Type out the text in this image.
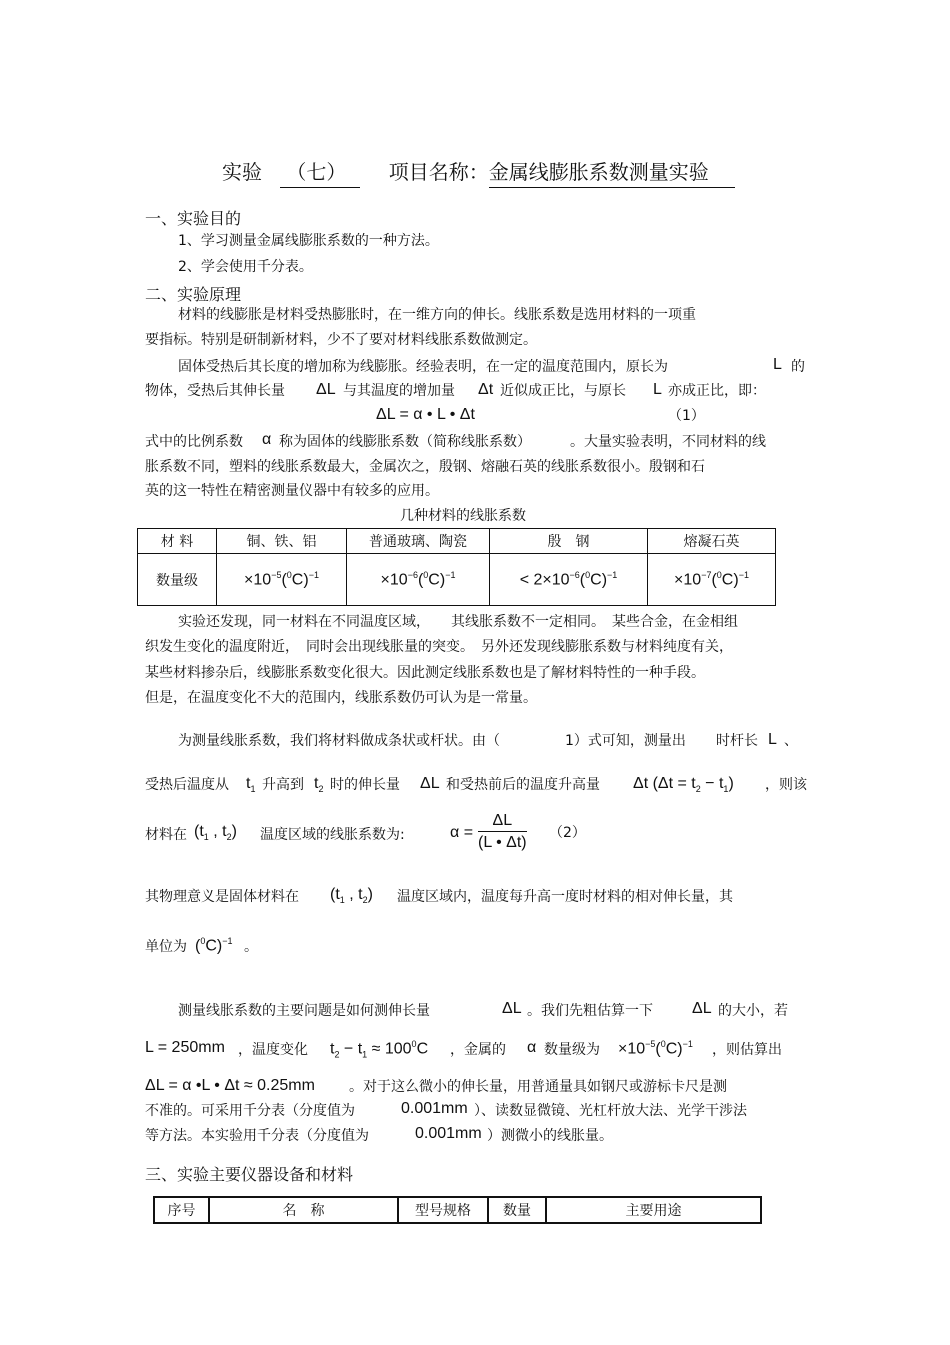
实验 （七） 项目名称：金属线膨胀系数测量实验
一、实验目的
1、学习测量金属线膨胀系数的一种方法。
2、学会使用千分表。
二、实验原理
材料的线膨胀是材料受热膨胀时，在一维方向的伸长。线胀系数是选用材料的一项重
要指标。特别是研制新材料，少不了要对材料线胀系数做测定。
固体受热后其长度的增加称为线膨胀。经验表明，在一定的温度范围内，原长为	L 的
物体，受热后其伸长量 ΔL 与其温度的增加量 Δt 近似成正比，与原长 L 亦成正比，即：
ΔL = α • L • Δt	（1）
式中的比例系数 α 称为固体的线膨胀系数（简称线胀系数）	。大量实验表明，不同材料的线
胀系数不同，塑料的线胀系数最大，金属次之，殷钢、熔融石英的线胀系数很小。殷钢和石
英的这一特性在精密测量仪器中有较多的应用。
几种材料的线胀系数
材 料	铜、铁、铝	普通玻璃、陶瓷	殷　钢	熔凝石英
数量级	$\times 10^{-5}(^0C)^{-1}$	$\times 10^{-6}(^0C)^{-1}$	< $2\times 10^{-6}(^0C)^{-1}$	$\times 10^{-7}(^0C)^{-1}$
实验还发现，同一材料在不同温度区域，　　其线胀系数不一定相同。　某些合金，在金相组
织发生变化的温度附近，　同时会出现线胀量的突变。　另外还发现线膨胀系数与材料纯度有关，
某些材料掺杂后，线膨胀系数变化很大。因此测定线胀系数也是了解材料特性的一种手段。
但是，在温度变化不大的范围内，线胀系数仍可认为是一常量。
为测量线胀系数，我们将材料做成条状或杆状。由（	1）式可知，测量出 时杆长 L 、
受热后温度从 $t_1$ 升高到 $t_2$ 时的伸长量 ΔL 和受热前后的温度升高量 Δt $(\Delta t = t_2 - t_1)$ ，则该
材料在 ($t_1$ , $t_2$) 温度区域的线胀系数为:	$\alpha = \frac{\Delta L}{(L • \Delta t)} (2)$
其物理意义是固体材料在 ($t_1$ , $t_2$) 温度区域内，温度每升高一度时材料的相对伸长量，其
单位为 $(^0C)^{-1}$ 。
测量线胀系数的主要问题是如何测伸长量	ΔL 。我们先粗估算一下 ΔL 的大小，若
L = 250mm ，温度变化 $t_2 - t_1 \approx 100^0C$ ，金属的 α 数量级为 $\times 10^{-5}(^0C)^{-1}$ ，则估算出
ΔL = α •L • Δt ≈ 0.25mm 。对于这么微小的伸长量，用普通量具如钢尺或游标卡尺是测
不准的。可采用千分表（分度值为	0.001mm ）、读数显微镜、光杠杆放大法、光学干涉法
等方法。本实验用千分表（分度值为	0.001mm ）测微小的线胀量。
三、实验主要仪器设备和材料
序号	名　称	型号规格	数量	主要用途
